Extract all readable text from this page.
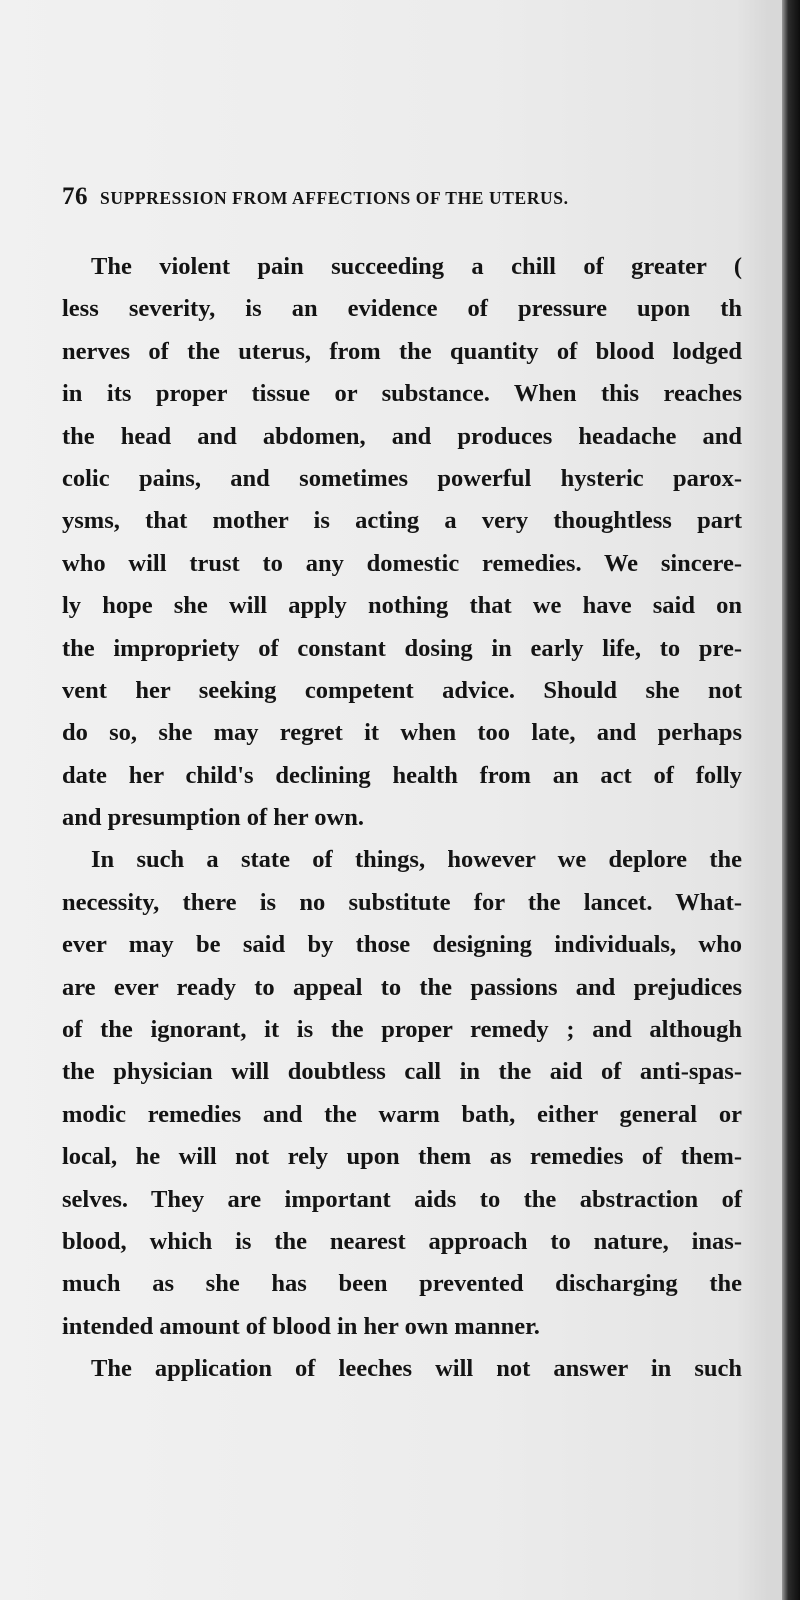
76 SUPPRESSION FROM AFFECTIONS OF THE UTERUS.
The violent pain succeeding a chill of greater (
less severity, is an evidence of pressure upon th
nerves of the uterus, from the quantity of blood lodged
in its proper tissue or substance. When this reaches
the head and abdomen, and produces headache and
colic pains, and sometimes powerful hysteric parox-
ysms, that mother is acting a very thoughtless part
who will trust to any domestic remedies. We sincere-
ly hope she will apply nothing that we have said on
the impropriety of constant dosing in early life, to pre-
vent her seeking competent advice. Should she not
do so, she may regret it when too late, and perhaps
date her child's declining health from an act of folly
and presumption of her own.
In such a state of things, however we deplore the
necessity, there is no substitute for the lancet. What-
ever may be said by those designing individuals, who
are ever ready to appeal to the passions and prejudices
of the ignorant, it is the proper remedy ; and although
the physician will doubtless call in the aid of anti-spas-
modic remedies and the warm bath, either general or
local, he will not rely upon them as remedies of them-
selves. They are important aids to the abstraction of
blood, which is the nearest approach to nature, inas-
much as she has been prevented discharging the
intended amount of blood in her own manner.
The application of leeches will not answer in such
